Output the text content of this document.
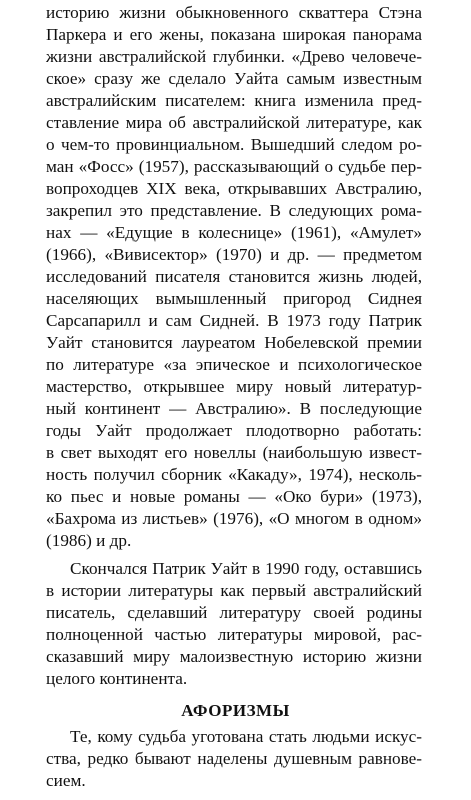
историю жизни обыкновенного скваттера Стэна
Паркера и его жены, показана широкая панорама
жизни австралийской глубинки. «Древо человече-
ское» сразу же сделало Уайта самым известным
австралийским писателем: книга изменила пред-
ставление мира об австралийской литературе, как
о чем-то провинциальном. Вышедший следом ро-
ман «Фосс» (1957), рассказывающий о судьбе пер-
вопроходцев XIX века, открывавших Австралию,
закрепил это представление. В следующих рома-
нах — «Едущие в колеснице» (1961), «Амулет»
(1966), «Вивисектор» (1970) и др. — предметом
исследований писателя становится жизнь людей,
населяющих вымышленный пригород Сиднея
Сарсапарилл и сам Сидней. В 1973 году Патрик
Уайт становится лауреатом Нобелевской премии
по литературе «за эпическое и психологическое
мастерство, открывшее миру новый литератур-
ный континент — Австралию». В последующие
годы Уайт продолжает плодотворно работать:
в свет выходят его новеллы (наибольшую извест-
ность получил сборник «Какаду», 1974), несколь-
ко пьес и новые романы — «Око бури» (1973),
«Бахрома из листьев» (1976), «О многом в одном»
(1986) и др.
Скончался Патрик Уайт в 1990 году, оставшись
в истории литературы как первый австралийский
писатель, сделавший литературу своей родины
полноценной частью литературы мировой, рас-
сказавший миру малоизвестную историю жизни
целого континента.
АФОРИЗМЫ
Те, кому судьба уготована стать людьми искус-
ства, редко бывают наделены душевным равнове-
сием.
